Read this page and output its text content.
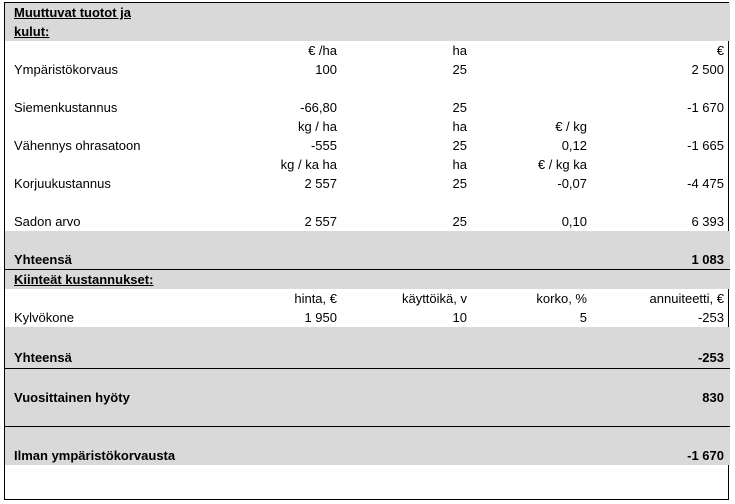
Muuttuvat tuotot ja				
kulut:				
	€ /ha	ha		€
Ympäristökorvaus	100	25		2 500

Siemenkustannus	-66,80	25		-1 670
	kg / ha	ha	€ / kg	
Vähennys ohrasatoon	-555	25	0,12	-1 665
	kg / ka ha	ha	€ / kg ka	
Korjuukustannus	2 557	25	-0,07	-4 475

Sadon arvo	2 557	25	0,10	6 393

Yhteensä				1 083
Kiinteät kustannukset:				
	hinta, €	käyttöikä, v	korko, %	annuiteetti, €
Kylvökone	1 950	10	5	-253

Yhteensä				-253

Vuosittainen hyöty				830

Ilman ympäristökorvausta				-1 670
